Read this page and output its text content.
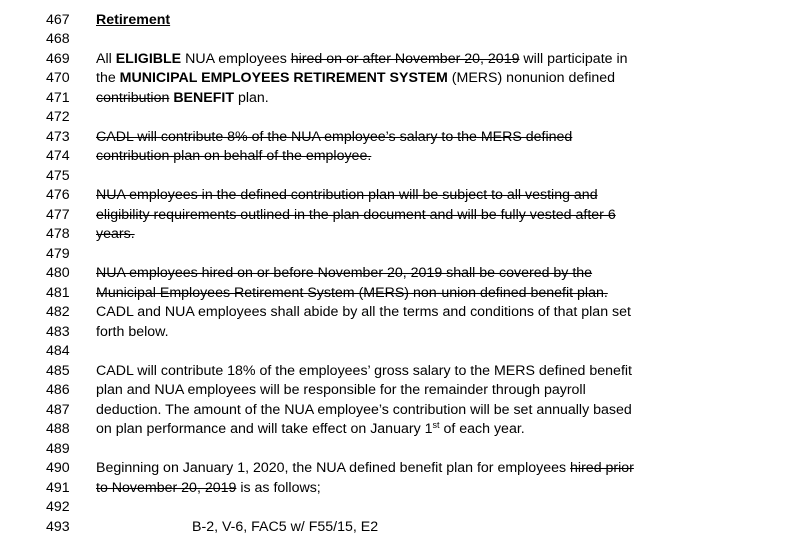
467	Retirement
468
469	All ELIGIBLE NUA employees hired on or after November 20, 2019 will participate in
470	the MUNICIPAL EMPLOYEES RETIREMENT SYSTEM (MERS) nonunion defined
471	contribution BENEFIT plan.
472
473	CADL will contribute 8% of the NUA employee’s salary to the MERS defined
474	contribution plan on behalf of the employee.
475
476	NUA employees in the defined contribution plan will be subject to all vesting and
477	eligibility requirements outlined in the plan document and will be fully vested after 6
478	years.
479
480	NUA employees hired on or before November 20, 2019 shall be covered by the
481	Municipal Employees Retirement System (MERS) non-union defined benefit plan.
482	CADL and NUA employees shall abide by all the terms and conditions of that plan set
483	forth below.
484
485	CADL will contribute 18% of the employees’ gross salary to the MERS defined benefit
486	plan and NUA employees will be responsible for the remainder through payroll
487	deduction. The amount of the NUA employee’s contribution will be set annually based
488	on plan performance and will take effect on January 1st of each year.
489
490	Beginning on January 1, 2020, the NUA defined benefit plan for employees hired prior
491	to November 20, 2019 is as follows;
492
493	B-2, V-6, FAC5 w/ F55/15, E2
